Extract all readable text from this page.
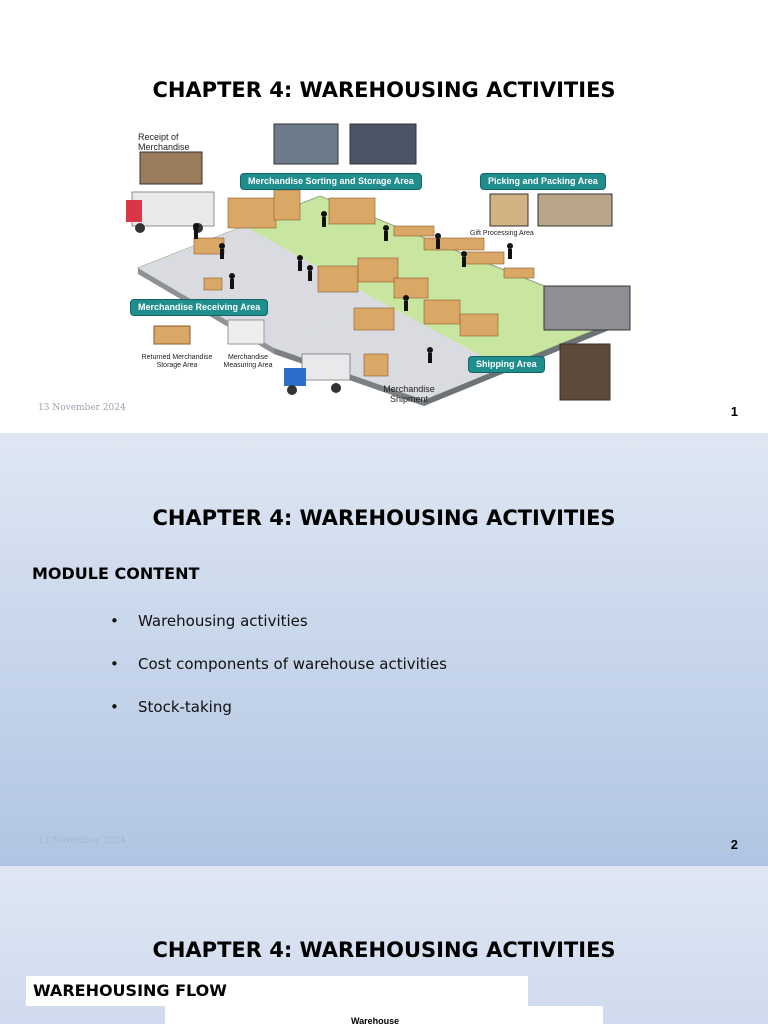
CHAPTER 4: WAREHOUSING ACTIVITIES
Receipt of Merchandise
Merchandise Sorting and Storage Area	Picking and Packing Area
Gift Processing Area
Merchandise Receiving Area
Returned Merchandise Storage Area
Merchandise Measuring Area	Shipping Area
Merchandise Shipment
13 November 2024	1
CHAPTER 4: WAREHOUSING ACTIVITIES
MODULE CONTENT
• Warehousing activities
• Cost components of warehouse activities
• Stock-taking
13 November 2024	2
CHAPTER 4: WAREHOUSING ACTIVITIES
WAREHOUSING FLOW
Warehouse
